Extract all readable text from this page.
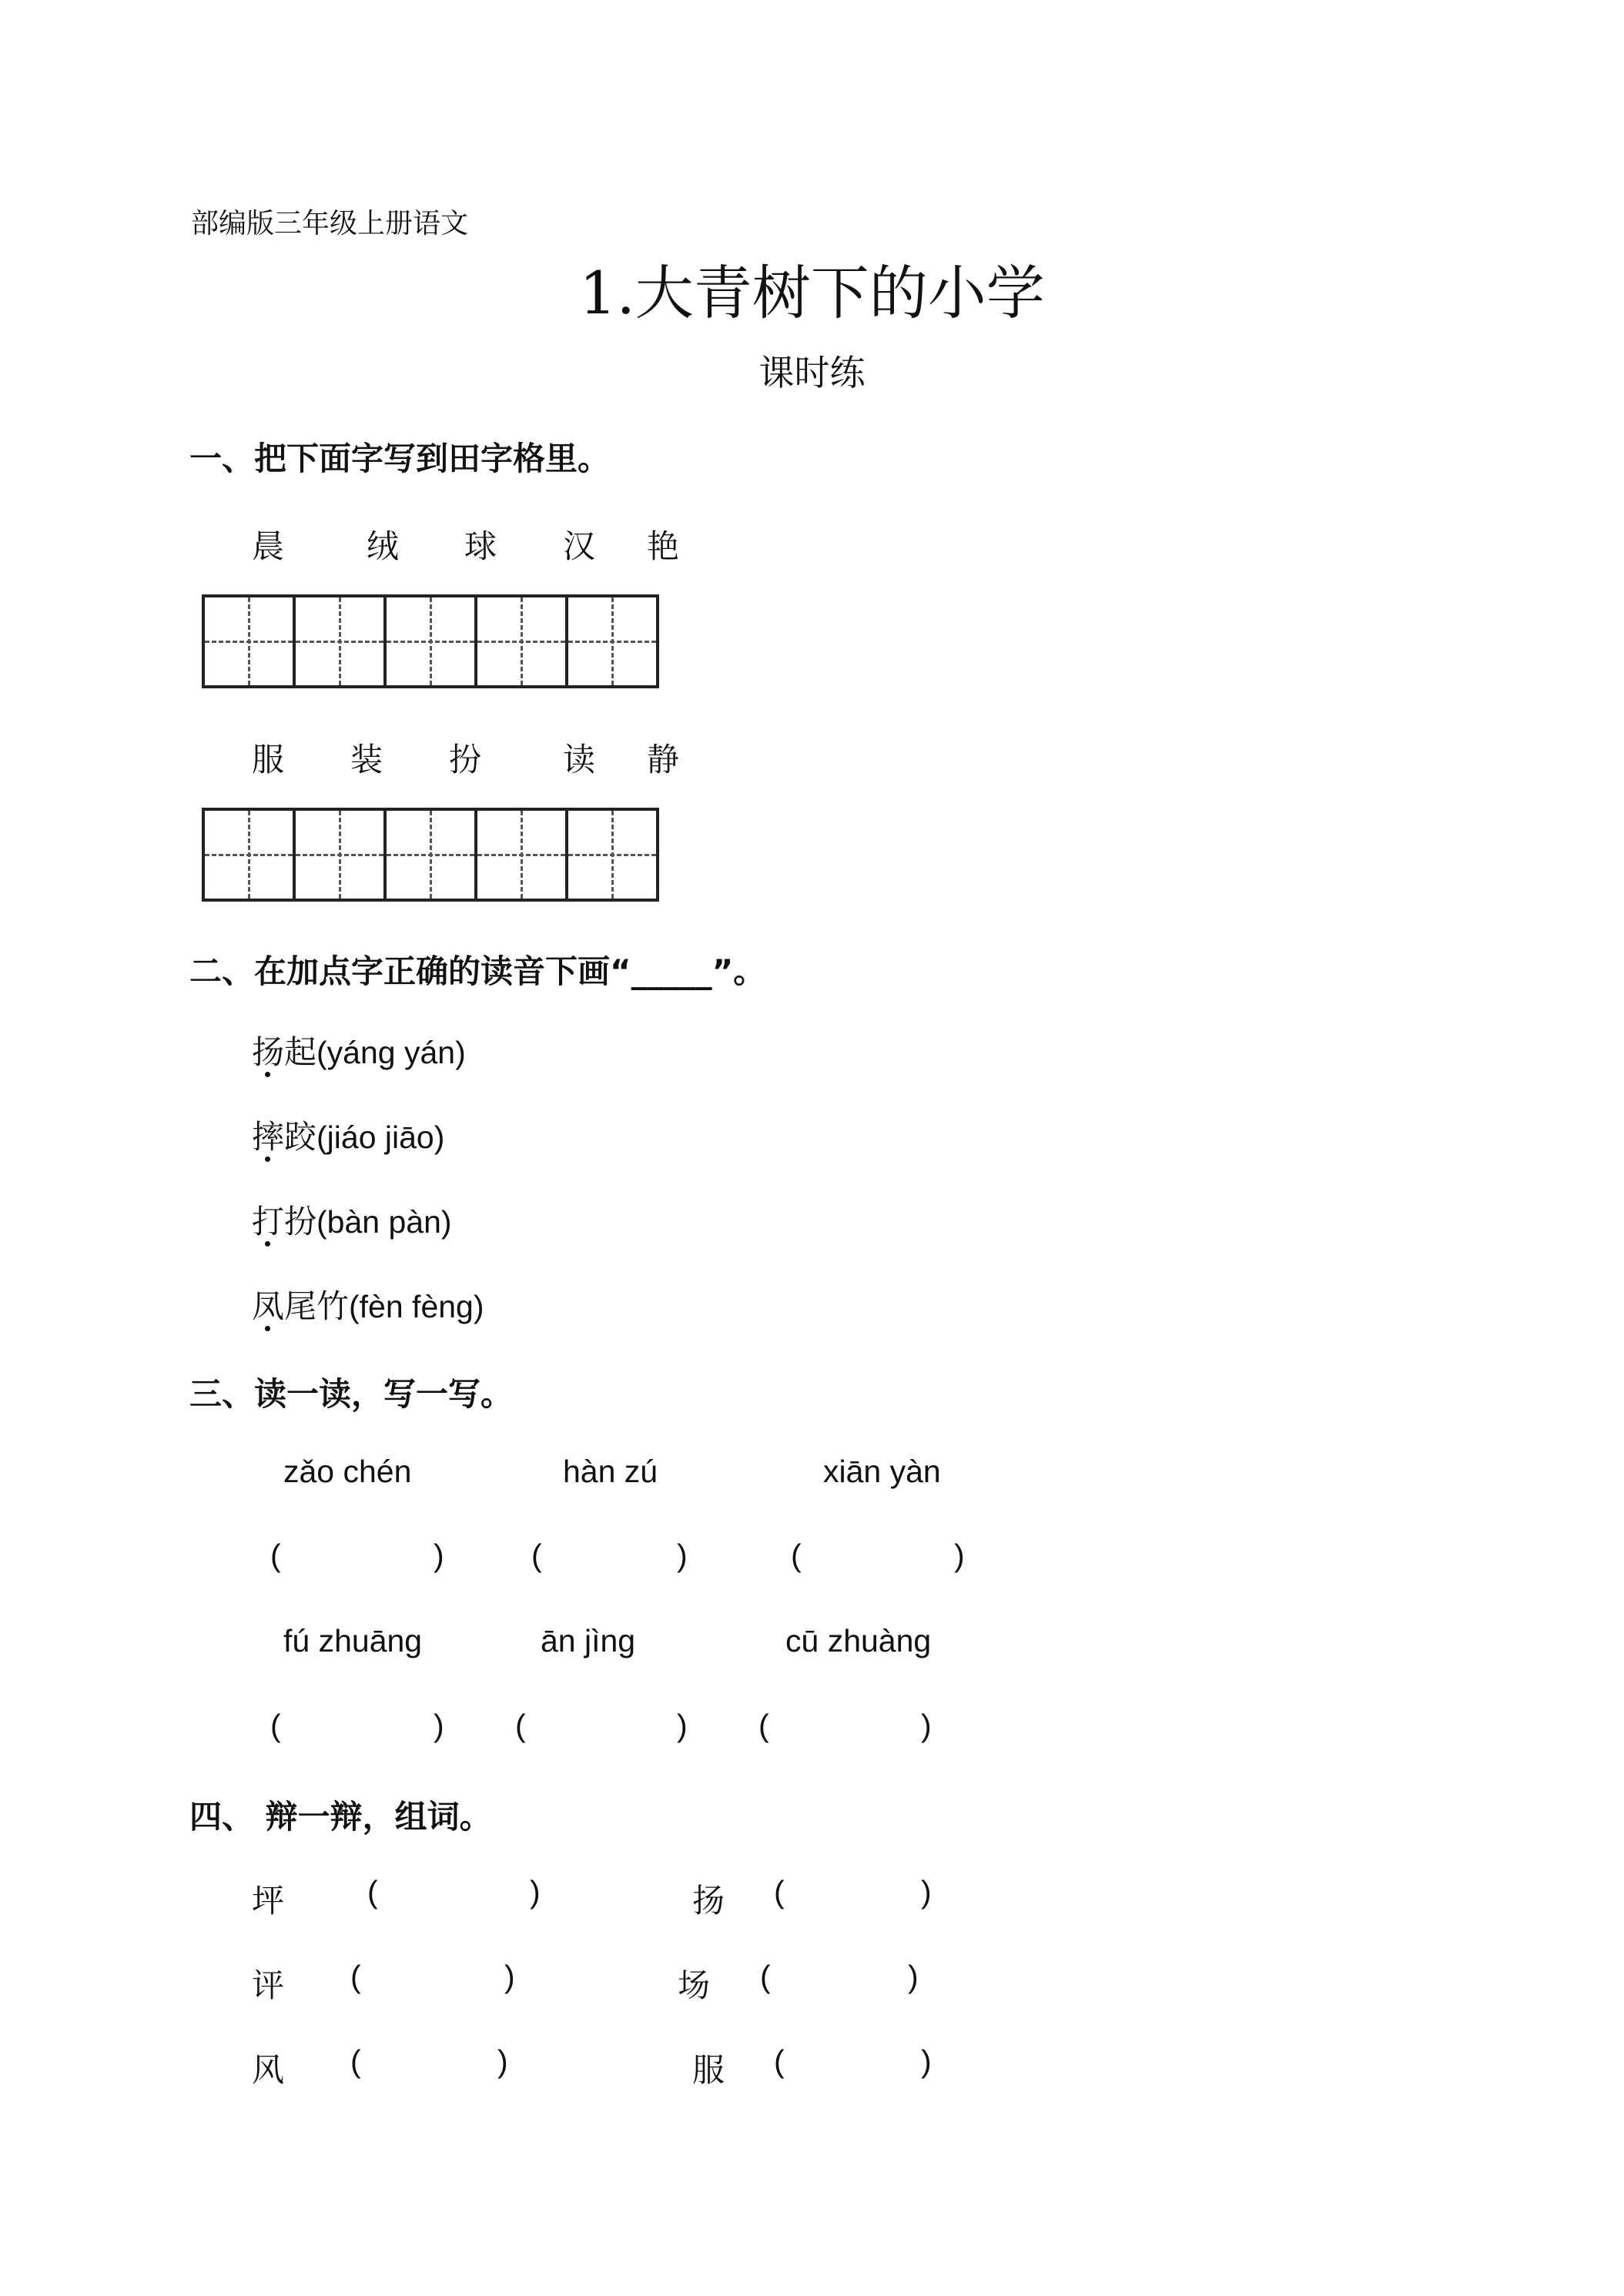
部编版三年级上册语文
1.大青树下的小学
课时练
一、把下面字写到田字格里。
晨	绒 球 汉 艳
服 装 扮	读 静
二、在加点字正确的读音下画“_____”。
扬起(yáng yán)
摔跤(jiáo jiāo)
打扮(bàn pàn)
凤尾竹(fèn fèng)
三、读一读，写一写。
zǎo chén	hàn zú	xiān yàn
(	)	(	)	(	)
fú zhuāng	ān jìng	cū zhuàng
(	) (	) (	)
四、 辩一辩，组词。
坪	(	)	扬 (	)
评 (	)	场 (	)
风 (	)	服 (	)
